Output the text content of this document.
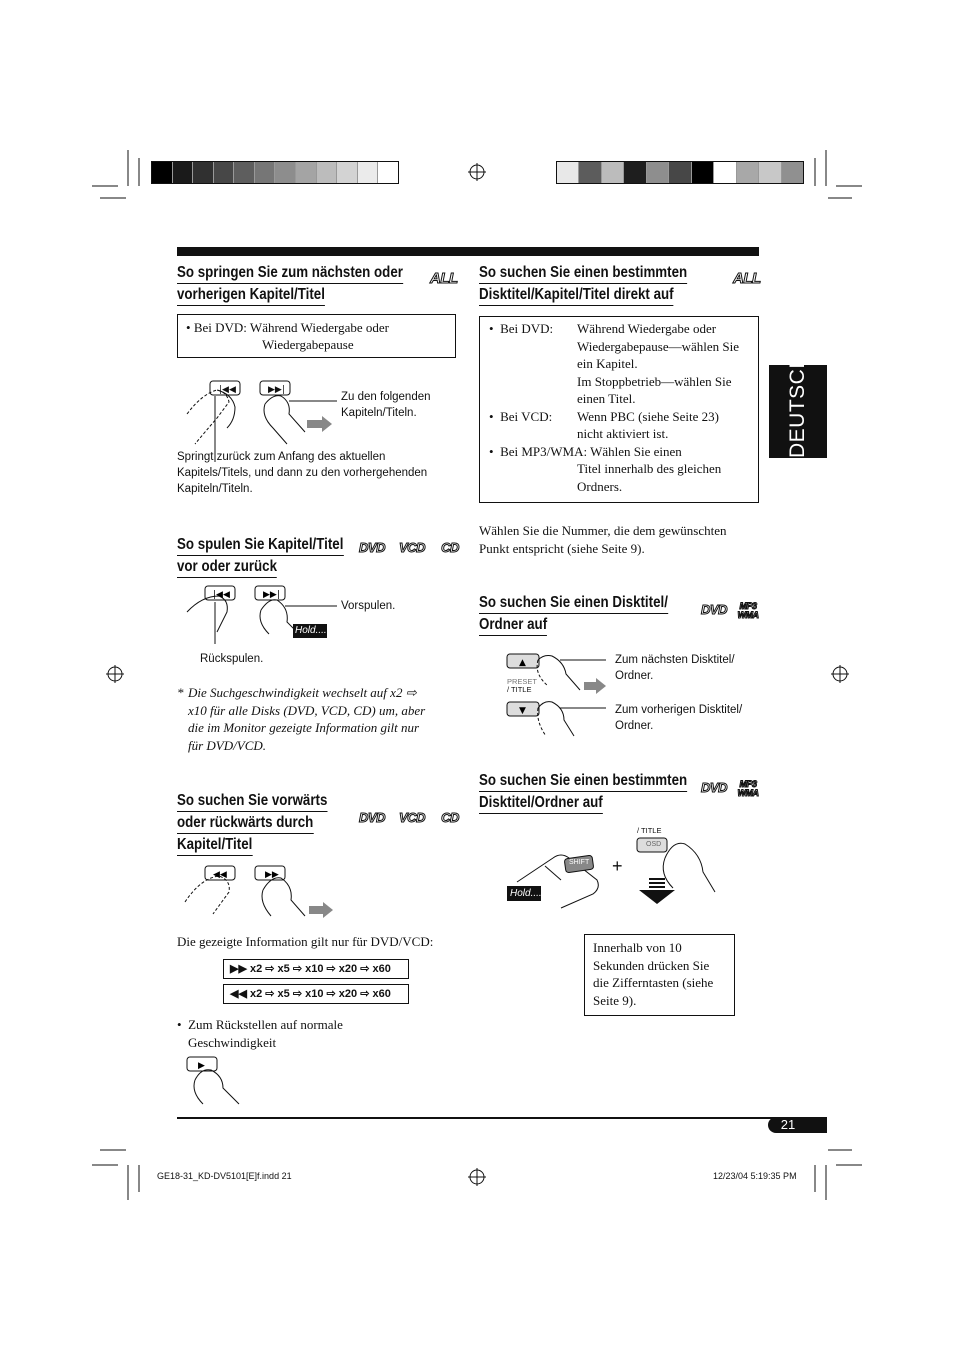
DEUTSCH
So springen Sie zum nächsten oder
vorherigen Kapitel/Titel
ALL
• Bei DVD: Während Wiedergabe oder
Wiedergabepause
|◀◀	▶▶|
Zu den folgenden
Kapiteln/Titeln.
Springt zurück zum Anfang des aktuellen
Kapitels/Titels, und dann zu den vorhergehenden
Kapiteln/Titeln.
So spulen Sie Kapitel/Titel
vor oder zurück
DVD VCD CD
|◀◀	▶▶|
Hold....
Vorspulen.
Rückspulen.
* Die Suchgeschwindigkeit wechselt auf x2 ⇨
x10 für alle Disks (DVD, VCD, CD) um, aber
die im Monitor gezeigte Information gilt nur
für DVD/VCD.
So suchen Sie vorwärts
oder rückwärts durch
Kapitel/Titel
DVD VCD CD
◀◀	▶▶
Die gezeigte Information gilt nur für DVD/VCD:
▶▶ x2 ⇨ x5 ⇨ x10 ⇨ x20 ⇨ x60
◀◀ x2 ⇨ x5 ⇨ x10 ⇨ x20 ⇨ x60
•  Zum Rückstellen auf normale
Geschwindigkeit
▶
So suchen Sie einen bestimmten
Disktitel/Kapitel/Titel direkt auf
ALL
•  Bei DVD:	Während Wiedergabe oder
Wiedergabepause—wählen Sie
ein Kapitel.
Im Stoppbetrieb—wählen Sie
einen Titel.
•  Bei VCD:	Wenn PBC (siehe Seite 23)
nicht aktiviert ist.
•  Bei MP3/WMA: Wählen Sie einen
Titel innerhalb des gleichen
Ordners.
Wählen Sie die Nummer, die dem gewünschten
Punkt entspricht (siehe Seite 9).
So suchen Sie einen Disktitel/
Ordner auf
DVD	MP3 WMA
▲
▼
PRESET
/ TITLE
Zum nächsten Disktitel/
Ordner.
Zum vorherigen Disktitel/
Ordner.
So suchen Sie einen bestimmten
Disktitel/Ordner auf
DVD	MP3 WMA
SHIFT
Hold....
/ TITLE
OSD
+
Innerhalb von 10
Sekunden drücken Sie
die Zifferntasten (siehe
Seite 9).
21
GE18-31_KD-DV5101[E]f.indd 21	12/23/04 5:19:35 PM
